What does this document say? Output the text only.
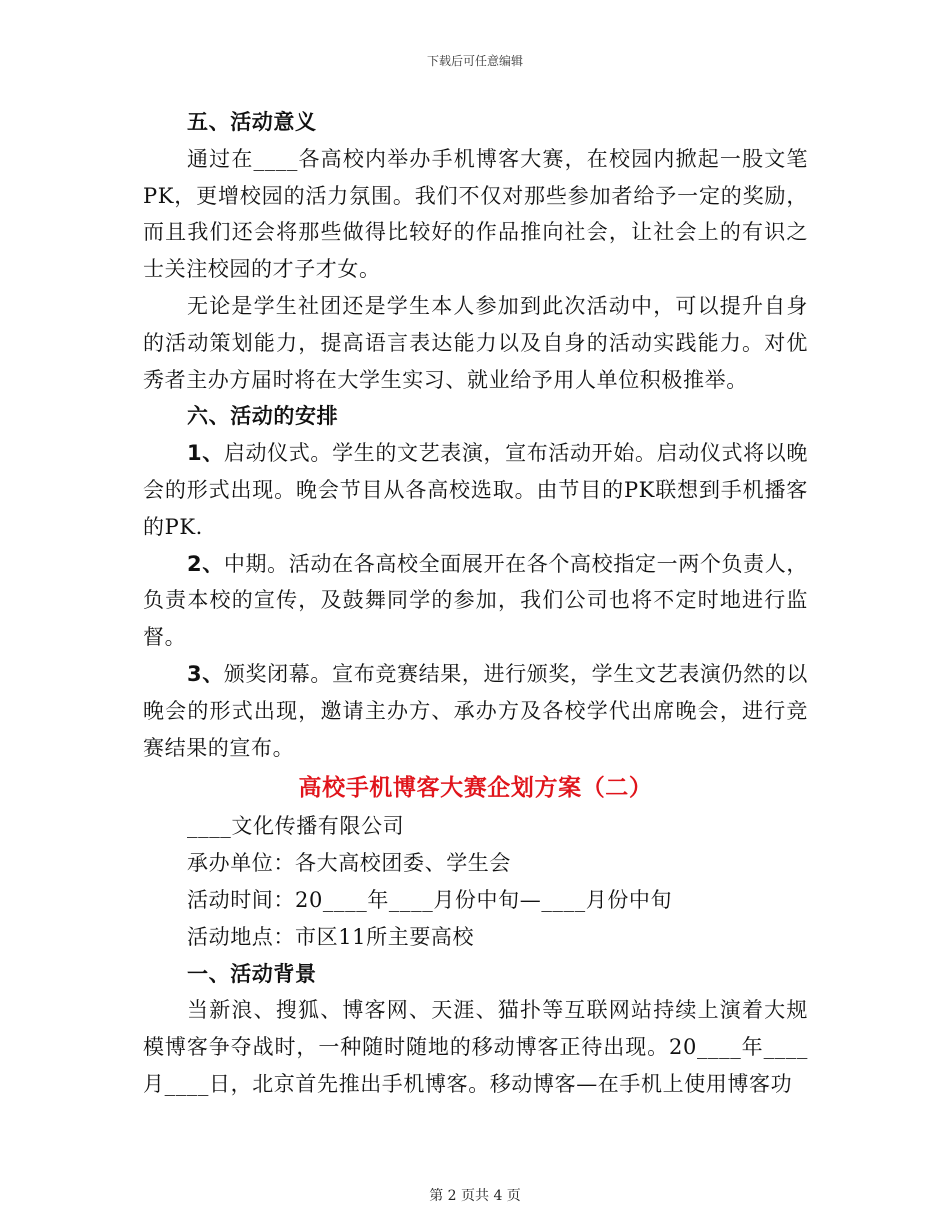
下载后可任意编辑

五、活动意义

通过在____各高校内举办手机博客大赛，在校园内掀起一股文笔PK，更增校园的活力氛围。我们不仅对那些参加者给予一定的奖励，而且我们还会将那些做得比较好的作品推向社会，让社会上的有识之士关注校园的才子才女。

无论是学生社团还是学生本人参加到此次活动中，可以提升自身的活动策划能力，提高语言表达能力以及自身的活动实践能力。对优秀者主办方届时将在大学生实习、就业给予用人单位积极推举。

六、活动的安排

1、启动仪式。学生的文艺表演，宣布活动开始。启动仪式将以晚会的形式出现。晚会节目从各高校选取。由节目的PK联想到手机播客的PK.

2、中期。活动在各高校全面展开在各个高校指定一两个负责人，负责本校的宣传，及鼓舞同学的参加，我们公司也将不定时地进行监督。

3、颁奖闭幕。宣布竞赛结果，进行颁奖，学生文艺表演仍然的以晚会的形式出现，邀请主办方、承办方及各校学代出席晚会，进行竞赛结果的宣布。

高校手机博客大赛企划方案（二）

____文化传播有限公司

承办单位：各大高校团委、学生会

活动时间：20____年____月份中旬—____月份中旬

活动地点：市区11所主要高校

一、活动背景

当新浪、搜狐、博客网、天涯、猫扑等互联网站持续上演着大规模博客争夺战时，一种随时随地的移动博客正待出现。20____年____月____日，北京首先推出手机博客。移动博客—在手机上使用博客功

第 2 页共 4 页
